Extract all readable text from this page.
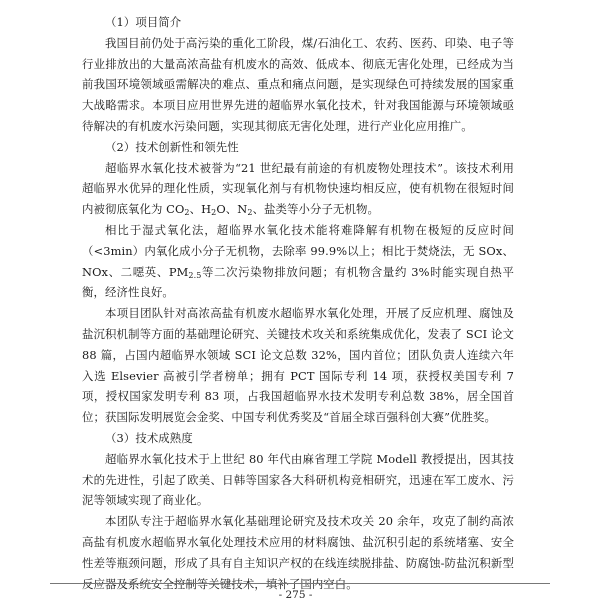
（1）项目简介

我国目前仍处于高污染的重化工阶段，煤/石油化工、农药、医药、印染、电子等行业排放出的大量高浓高盐有机废水的高效、低成本、彻底无害化处理，已经成为当前我国环境领域亟需解决的难点、重点和痛点问题，是实现绿色可持续发展的国家重大战略需求。本项目应用世界先进的超临界水氧化技术，针对我国能源与环境领域亟待解决的有机废水污染问题，实现其彻底无害化处理，进行产业化应用推广。

（2）技术创新性和领先性

超临界水氧化技术被誉为“21 世纪最有前途的有机废物处理技术”。该技术利用超临界水优异的理化性质，实现氧化剂与有机物快速均相反应，使有机物在很短时间内被彻底氧化为 $CO_2$、$H_2O$、$N_2$、盐类等小分子无机物。

相比于湿式氧化法，超临界水氧化技术能将难降解有机物在极短的反应时间（<3min）内氧化成小分子无机物，去除率 99.9%以上；相比于焚烧法，无 SOx、NOx、二噁英、$PM_{2.5}$等二次污染物排放问题；有机物含量约 3%时能实现自热平衡，经济性良好。

本项目团队针对高浓高盐有机废水超临界水氧化处理，开展了反应机理、腐蚀及盐沉积机制等方面的基础理论研究、关键技术攻关和系统集成优化，发表了 SCI 论文 88 篇，占国内超临界水领域 SCI 论文总数 32%，国内首位；团队负责人连续六年入选 Elsevier 高被引学者榜单；拥有 PCT 国际专利 14 项，获授权美国专利 7 项，授权国家发明专利 83 项，占我国超临界水技术发明专利总数 38%，居全国首位；获国际发明展览会金奖、中国专利优秀奖及“首届全球百强科创大赛”优胜奖。

（3）技术成熟度

超临界水氧化技术于上世纪 80 年代由麻省理工学院 Modell 教授提出，因其技术的先进性，引起了欧美、日韩等国家各大科研机构竞相研究，迅速在军工废水、污泥等领域实现了商业化。

本团队专注于超临界水氧化基础理论研究及技术攻关 20 余年，攻克了制约高浓高盐有机废水超临界水氧化处理技术应用的材料腐蚀、盐沉积引起的系统堵塞、安全性差等瓶颈问题，形成了具有自主知识产权的在线连续脱排盐、防腐蚀-防盐沉积新型反应器及系统安全控制等关键技术，填补了国内空白。

- 275 -
